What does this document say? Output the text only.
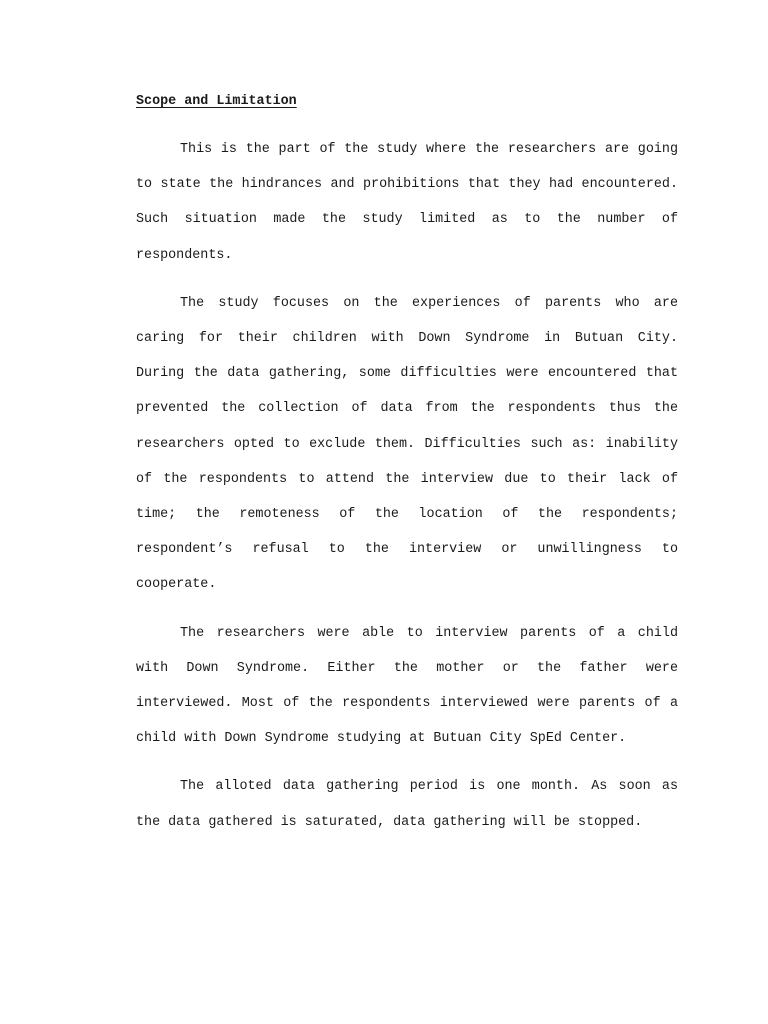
Scope and Limitation

This is the part of the study where the researchers are going to state the hindrances and prohibitions that they had encountered. Such situation made the study limited as to the number of respondents.

The study focuses on the experiences of parents who are caring for their children with Down Syndrome in Butuan City. During the data gathering, some difficulties were encountered that prevented the collection of data from the respondents thus the researchers opted to exclude them. Difficulties such as: inability of the respondents to attend the interview due to their lack of time; the remoteness of the location of the respondents; respondent’s refusal to the interview or unwillingness to cooperate.

The researchers were able to interview parents of a child with Down Syndrome. Either the mother or the father were interviewed. Most of the respondents interviewed were parents of a child with Down Syndrome studying at Butuan City SpEd Center.

The alloted data gathering period is one month. As soon as the data gathered is saturated, data gathering will be stopped.
